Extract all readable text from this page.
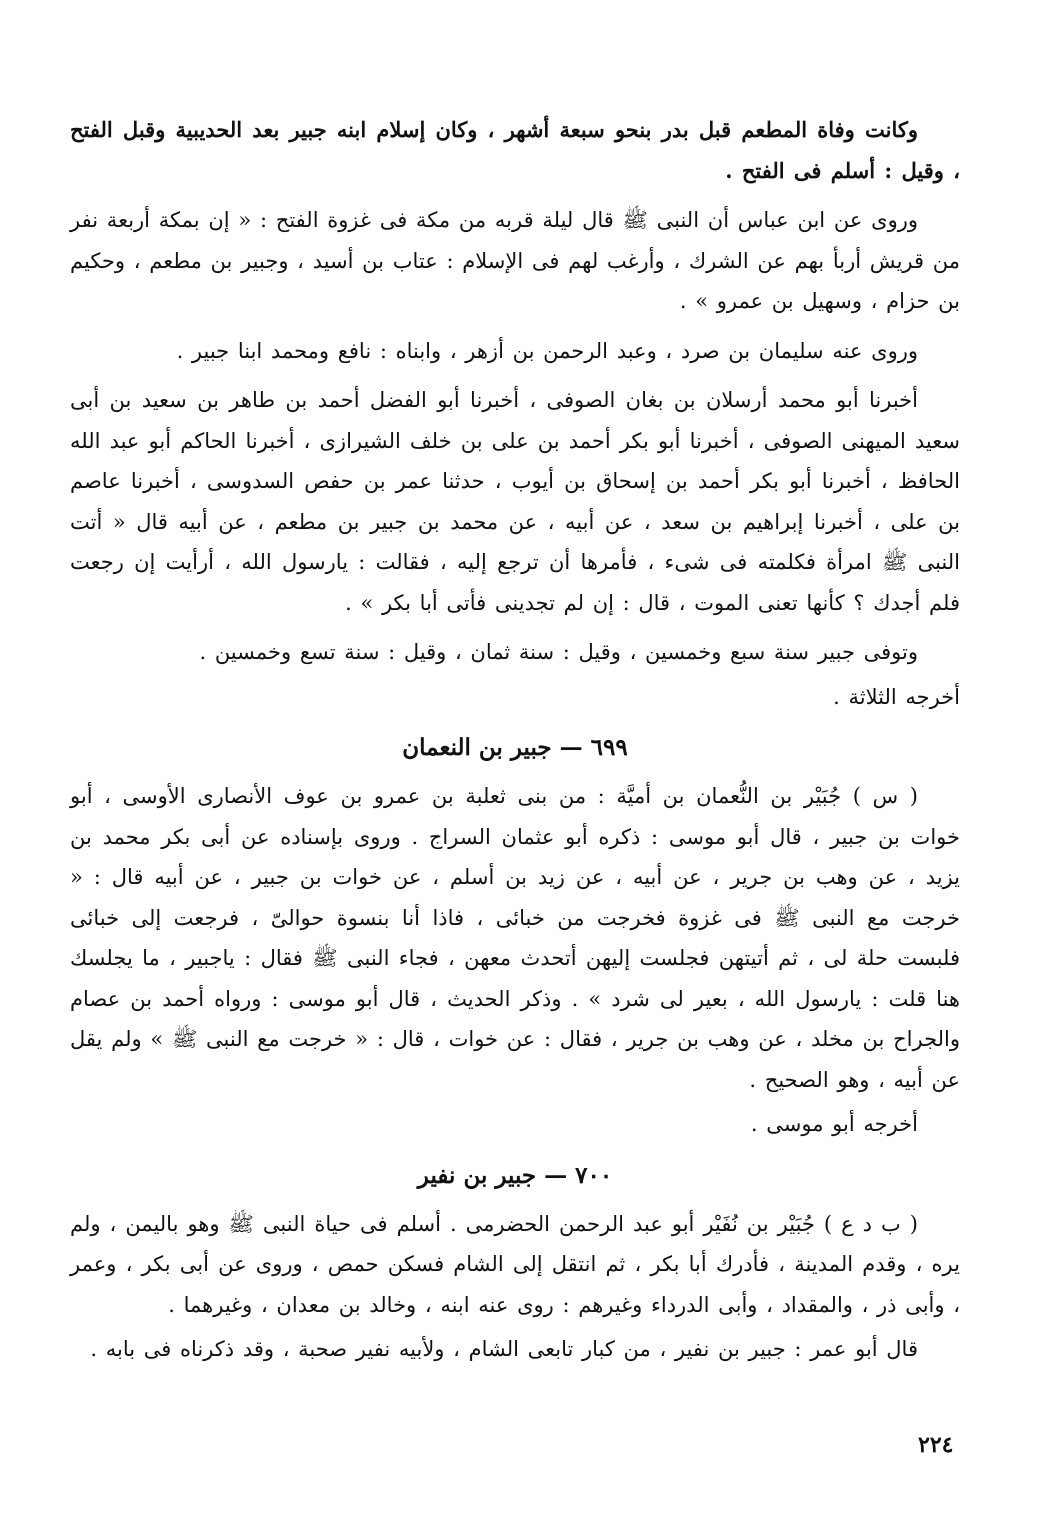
وكانت وفاة المطعم قبل بدر بنحو سبعة أشهر ، وكان إسلام ابنه جبير بعد الحديبية وقبل الفتح ، وقيل : أسلم فى الفتح .

وروى عن ابن عباس أن النبى ﷺ قال ليلة قربه من مكة فى غزوة الفتح : « إن بمكة أربعة نفر من قريش أربأ بهم عن الشرك ، وأرغب لهم فى الإسلام : عتاب بن أسيد ، وجبير بن مطعم ، وحكيم بن حزام ، وسهيل بن عمرو » .

وروى عنه سليمان بن صرد ، وعبد الرحمن بن أزهر ، وابناه : نافع ومحمد ابنا جبير .

أخبرنا أبو محمد أرسلان بن بغان الصوفى ، أخبرنا أبو الفضل أحمد بن طاهر بن سعيد بن أبى سعيد الميهنى الصوفى ، أخبرنا أبو بكر أحمد بن على بن خلف الشيرازى ، أخبرنا الحاكم أبو عبد الله الحافظ ، أخبرنا أبو بكر أحمد بن إسحاق بن أيوب ، حدثنا عمر بن حفص السدوسى ، أخبرنا عاصم بن على ، أخبرنا إبراهيم بن سعد ، عن أبيه ، عن محمد بن جبير بن مطعم ، عن أبيه قال « أتت النبى ﷺ امرأة فكلمته فى شىء ، فأمرها أن ترجع إليه ، فقالت : يارسول الله ، أرأيت إن رجعت فلم أجدك ؟ كأنها تعنى الموت ، قال : إن لم تجدينى فأتى أبا بكر » .

وتوفى جبير سنة سبع وخمسين ، وقيل : سنة ثمان ، وقيل : سنة تسع وخمسين .

أخرجه الثلاثة .

٦٩٩ — جبير بن النعمان

( س ) جُبَيْر بن النُّعمان بن أميَّة : من بنى ثعلبة بن عمرو بن عوف الأنصارى الأوسى ، أبو خوات بن جبير ، قال أبو موسى : ذكره أبو عثمان السراج . وروى بإسناده عن أبى بكر محمد بن يزيد ، عن وهب بن جرير ، عن أبيه ، عن زيد بن أسلم ، عن خوات بن جبير ، عن أبيه قال : « خرجت مع النبى ﷺ فى غزوة فخرجت من خبائى ، فاذا أنا بنسوة حوالىّ ، فرجعت إلى خبائى فلبست حلة لى ، ثم أتيتهن فجلست إليهن أتحدث معهن ، فجاء النبى ﷺ فقال : ياجبير ، ما يجلسك هنا قلت : يارسول الله ، بعير لى شرد » . وذكر الحديث ، قال أبو موسى : ورواه أحمد بن عصام والجراح بن مخلد ، عن وهب بن جرير ، فقال : عن خوات ، قال : « خرجت مع النبى ﷺ » ولم يقل عن أبيه ، وهو الصحيح .

أخرجه أبو موسى .

٧٠٠ — جبير بن نفير

( ب د ع ) جُبَيْر بن نُفَيْر أبو عبد الرحمن الحضرمى . أسلم فى حياة النبى ﷺ وهو باليمن ، ولم يره ، وقدم المدينة ، فأدرك أبا بكر ، ثم انتقل إلى الشام فسكن حمص ، وروى عن أبى بكر ، وعمر ، وأبى ذر ، والمقداد ، وأبى الدرداء وغيرهم : روى عنه ابنه ، وخالد بن معدان ، وغيرهما .

قال أبو عمر : جبير بن نفير ، من كبار تابعى الشام ، ولأبيه نفير صحبة ، وقد ذكرناه فى بابه .

٢٢٤
